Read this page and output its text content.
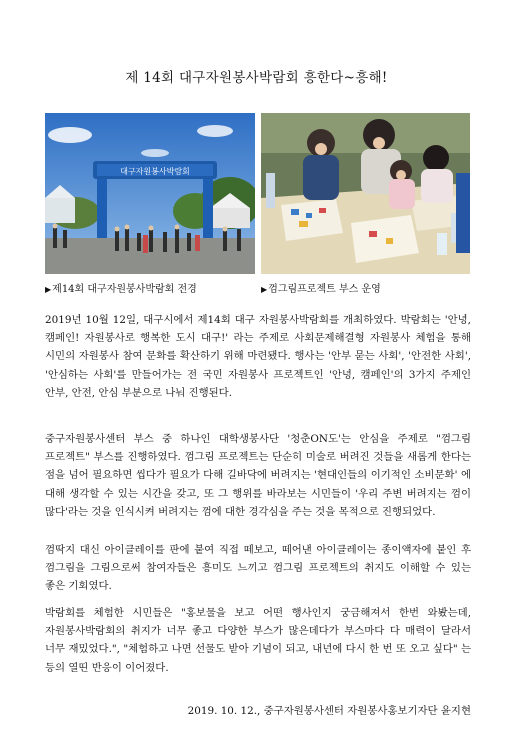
제 14회 대구자원봉사박람회 흥한다~흥해!
대구자원봉사박람회
▶제14회 대구자원봉사박람회 전경	▶껌그림프로젝트 부스 운영

2019년 10월 12일, 대구시에서 제14회 대구 자원봉사박람회를 개최하였다. 박람회는 '안녕, 캠페인! 자원봉사로 행복한 도시 대구!' 라는 주제로 사회문제해결형 자원봉사 체험을 통해 시민의 자원봉사 참여 문화를 확산하기 위해 마련됐다. 행사는 '안부 묻는 사회', '안전한 사회', '안심하는 사회'를 만들어가는 전 국민 자원봉사 프로젝트인 '안녕, 캠페인'의 3가지 주제인 안부, 안전, 안심 부분으로 나눠 진행된다.

중구자원봉사센터 부스 중 하나인 대학생봉사단 '청춘ON도'는 안심을 주제로 "껌그림 프로젝트" 부스를 진행하였다. 껌그림 프로젝트는 단순히 미술로 버려진 것들을 새롭게 한다는 점을 넘어 필요하면 씹다가 필요가 다해 길바닥에 버려지는 '현대인들의 이기적인 소비문화' 에 대해 생각할 수 있는 시간을 갖고, 또 그 행위를 바라보는 시민들이 '우리 주변 버려지는 껌이 많다'라는 것을 인식시켜 버려지는 껌에 대한 경각심을 주는 것을 목적으로 진행되었다.

껌딱지 대신 아이클레이를 판에 붙여 직접 떼보고, 떼어낸 아이클레이는 종이액자에 붙인 후 껌그림을 그림으로써 참여자들은 흥미도 느끼고 껌그림 프로젝트의 취지도 이해할 수 있는 좋은 기회였다.

박람회를 체험한 시민들은 "홍보물을 보고 어떤 행사인지 궁금해져서 한번 와봤는데, 자원봉사박람회의 취지가 너무 좋고 다양한 부스가 많은데다가 부스마다 다 매력이 달라서 너무 재밌었다.", "체험하고 나면 선물도 받아 기념이 되고, 내년에 다시 한 번 또 오고 싶다" 는 등의 열띤 반응이 이어졌다.

2019. 10. 12., 중구자원봉사센터 자원봉사홍보기자단 윤지현
